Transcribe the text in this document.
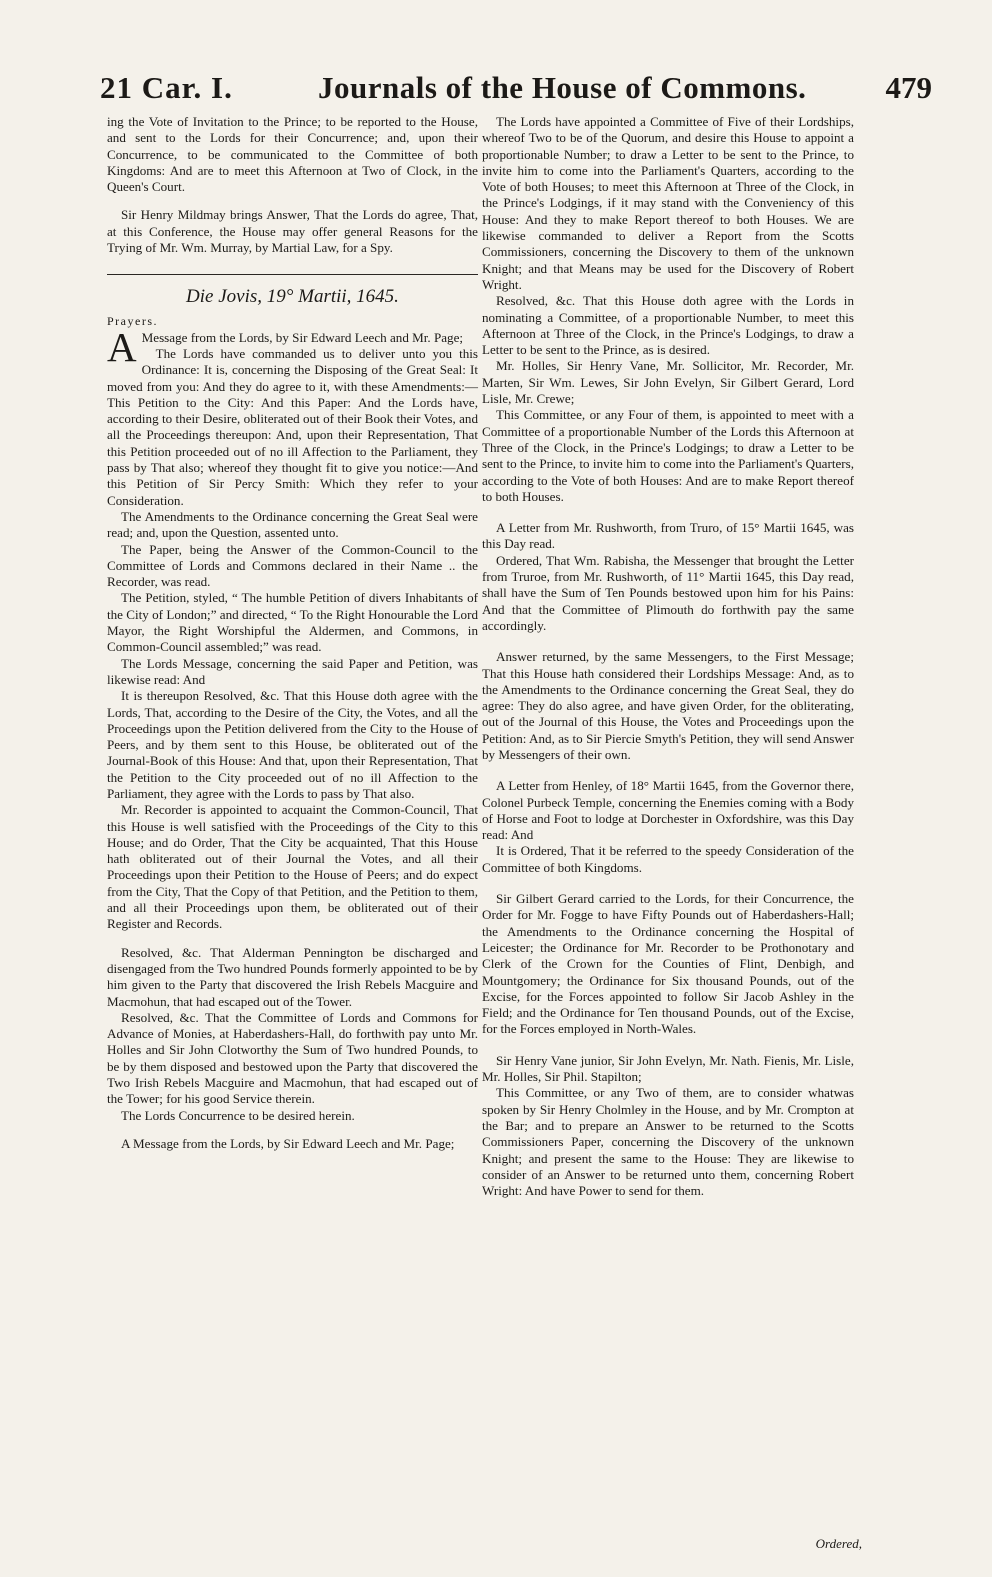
21 Car. I.	Journals of the House of Commons.	479

ing the Vote of Invitation to the Prince; to be reported to the House, and sent to the Lords for their Concurrence; and, upon their Concurrence, to be communicated to the Committee of both Kingdoms: And are to meet this Afternoon at Two of Clock, in the Queen's Court.

Sir Henry Mildmay brings Answer, That the Lords do agree, That, at this Conference, the House may offer general Reasons for the Trying of Mr. Wm. Murray, by Martial Law, for a Spy.

Die Jovis, 19° Martii, 1645.

Prayers.

A Message from the Lords, by Sir Edward Leech and Mr. Page;

The Lords have commanded us to deliver unto you this Ordinance: It is, concerning the Disposing of the Great Seal: It moved from you: And they do agree to it, with these Amendments:— This Petition to the City: And this Paper: And the Lords have, according to their Desire, obliterated out of their Book their Votes, and all the Proceedings thereupon: And, upon their Representation, That this Petition proceeded out of no ill Affection to the Parliament, they pass by That also; whereof they thought fit to give you notice:—And this Petition of Sir Percy Smith: Which they refer to your Consideration.

The Amendments to the Ordinance concerning the Great Seal were read; and, upon the Question, assented unto.

The Paper, being the Answer of the Common-Council to the Committee of Lords and Commons declared in their Name .. the Recorder, was read.

The Petition, styled, “ The humble Petition of divers Inhabitants of the City of London;” and directed, “ To the Right Honourable the Lord Mayor, the Right Worshipful the Aldermen, and Commons, in Common-Council assembled;” was read.

The Lords Message, concerning the said Paper and Petition, was likewise read: And

It is thereupon Resolved, &c. That this House doth agree with the Lords, That, according to the Desire of the City, the Votes, and all the Proceedings upon the Petition delivered from the City to the House of Peers, and by them sent to this House, be obliterated out of the Journal-Book of this House: And that, upon their Representation, That the Petition to the City proceeded out of no ill Affection to the Parliament, they agree with the Lords to pass by That also.

Mr. Recorder is appointed to acquaint the Common-Council, That this House is well satisfied with the Proceedings of the City to this House; and do Order, That the City be acquainted, That this House hath obliterated out of their Journal the Votes, and all their Proceedings upon their Petition to the House of Peers; and do expect from the City, That the Copy of that Petition, and the Petition to them, and all their Proceedings upon them, be obliterated out of their Register and Records.

Resolved, &c. That Alderman Pennington be discharged and disengaged from the Two hundred Pounds formerly appointed to be by him given to the Party that discovered the Irish Rebels Macguire and Macmohun, that had escaped out of the Tower.

Resolved, &c. That the Committee of Lords and Commons for Advance of Monies, at Haberdashers-Hall, do forthwith pay unto Mr. Holles and Sir John Clotworthy the Sum of Two hundred Pounds, to be by them disposed and bestowed upon the Party that discovered the Two Irish Rebels Macguire and Macmohun, that had escaped out of the Tower; for his good Service therein.

The Lords Concurrence to be desired herein.

A Message from the Lords, by Sir Edward Leech and Mr. Page;

The Lords have appointed a Committee of Five of their Lordships, whereof Two to be of the Quorum, and desire this House to appoint a proportionable Number; to draw a Letter to be sent to the Prince, to invite him to come into the Parliament's Quarters, according to the Vote of both Houses; to meet this Afternoon at Three of the Clock, in the Prince's Lodgings, if it may stand with the Conveniency of this House: And they to make Report thereof to both Houses. We are likewise commanded to deliver a Report from the Scotts Commissioners, concerning the Discovery to them of the unknown Knight; and that Means may be used for the Discovery of Robert Wright.

Resolved, &c. That this House doth agree with the Lords in nominating a Committee, of a proportionable Number, to meet this Afternoon at Three of the Clock, in the Prince's Lodgings, to draw a Letter to be sent to the Prince, as is desired.

Mr. Holles, Sir Henry Vane, Mr. Sollicitor, Mr. Recorder, Mr. Marten, Sir Wm. Lewes, Sir John Evelyn, Sir Gilbert Gerard, Lord Lisle, Mr. Crewe;

This Committee, or any Four of them, is appointed to meet with a Committee of a proportionable Number of the Lords this Afternoon at Three of the Clock, in the Prince's Lodgings; to draw a Letter to be sent to the Prince, to invite him to come into the Parliament's Quarters, according to the Vote of both Houses: And are to make Report thereof to both Houses.

A Letter from Mr. Rushworth, from Truro, of 15° Martii 1645, was this Day read.

Ordered, That Wm. Rabisha, the Messenger that brought the Letter from Truroe, from Mr. Rushworth, of 11° Martii 1645, this Day read, shall have the Sum of Ten Pounds bestowed upon him for his Pains: And that the Committee of Plimouth do forthwith pay the same accordingly.

Answer returned, by the same Messengers, to the First Message; That this House hath considered their Lordships Message: And, as to the Amendments to the Ordinance concerning the Great Seal, they do agree: They do also agree, and have given Order, for the obliterating, out of the Journal of this House, the Votes and Proceedings upon the Petition: And, as to Sir Piercie Smyth's Petition, they will send Answer by Messengers of their own.

A Letter from Henley, of 18° Martii 1645, from the Governor there, Colonel Purbeck Temple, concerning the Enemies coming with a Body of Horse and Foot to lodge at Dorchester in Oxfordshire, was this Day read: And

It is Ordered, That it be referred to the speedy Consideration of the Committee of both Kingdoms.

Sir Gilbert Gerard carried to the Lords, for their Concurrence, the Order for Mr. Fogge to have Fifty Pounds out of Haberdashers-Hall; the Amendments to the Ordinance concerning the Hospital of Leicester; the Ordinance for Mr. Recorder to be Prothonotary and Clerk of the Crown for the Counties of Flint, Denbigh, and Mountgomery; the Ordinance for Six thousand Pounds, out of the Excise, for the Forces appointed to follow Sir Jacob Ashley in the Field; and the Ordinance for Ten thousand Pounds, out of the Excise, for the Forces employed in North-Wales.

Sir Henry Vane junior, Sir John Evelyn, Mr. Nath. Fienis, Mr. Lisle, Mr. Holles, Sir Phil. Stapilton;

This Committee, or any Two of them, are to consider whatwas spoken by Sir Henry Cholmley in the House, and by Mr. Crompton at the Bar; and to prepare an Answer to be returned to the Scotts Commissioners Paper, concerning the Discovery of the unknown Knight; and present the same to the House: They are likewise to consider of an Answer to be returned unto them, concerning Robert Wright: And have Power to send for them.

Ordered,
